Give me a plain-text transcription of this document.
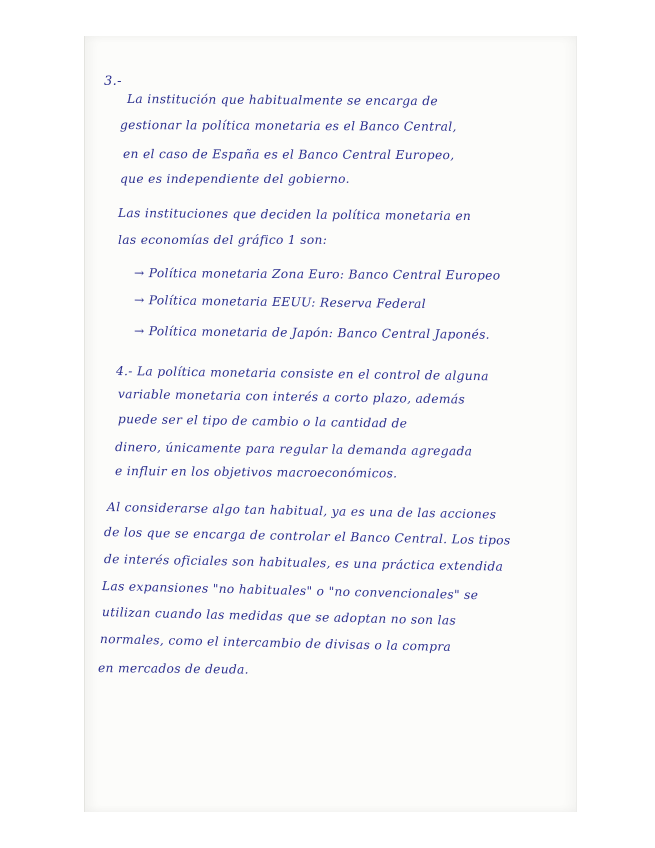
3.-
La institución que habitualmente se encarga de
gestionar la política monetaria es el Banco Central,
en el caso de España es el Banco Central Europeo,
que es independiente del gobierno.
Las instituciones que deciden la política monetaria en
las economías del gráfico 1 son:
→ Política monetaria Zona Euro: Banco Central Europeo
→ Política monetaria EEUU: Reserva Federal
→ Política monetaria de Japón: Banco Central Japonés.
4.- La política monetaria consiste en el control de alguna
variable monetaria con interés a corto plazo, además
puede ser el tipo de cambio o la cantidad de
dinero, únicamente para regular la demanda agregada
e influir en los objetivos macroeconómicos.
Al considerarse algo tan habitual, ya es una de las acciones
de los que se encarga de controlar el Banco Central. Los tipos
de interés oficiales son habituales, es una práctica extendida
Las expansiones "no habituales" o "no convencionales" se
utilizan cuando las medidas que se adoptan no son las
normales, como el intercambio de divisas o la compra
en mercados de deuda.
